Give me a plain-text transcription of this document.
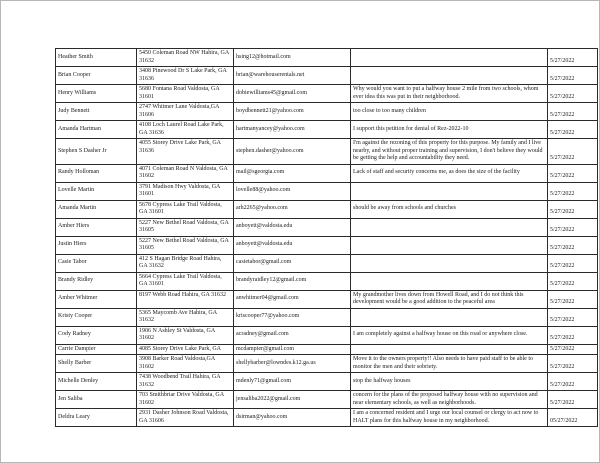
Heather Smith	5450 Coleman Road NW Hahira, GA 31632	hsing12@hotmail.com		5/27/2022
Brian Cooper	3408 Pinewood Dr S Lake Park, GA 31636	brian@warehouserentals.net		5/27/2022
Henry Williams	5680 Fontana Road Valdosta, GA 31601	dobiewilliams45@gmail.com	Why would you want to put a halfway house 2 mile from two schools, whom ever idea this was put in their neighborhood.	5/27/2022
Judy Bennett	2747 Whitmer Lane Valdosta,GA 31606	boydbennett21@yahoo.com	too close to too many children	5/27/2022
Amanda Hartman	4108 Loch Laurel Road Lake Park, GA 31636	hartmanyancey@yahoo.com	I support this petition for denial of Rez-2022-10	5/27/2022
Stephen S Dasher Jr	4055 Storey Drive Lake Park, GA 31636	stephen.dasher@yahoo.com	I'm against the rezoning of this property for this purpose. My family and I live nearby, and without proper training and supervision, I don't believe they would be getting the help and accountability they need.	5/27/2022
Randy Holloman	4071 Coleman Road N Valdosta, GA 31602	mail@sgeorgia.com	Lack of staff and security concerns me, as does the size of the facility	5/27/2022
Lovelle Martin	3791 Madison Hwy Valdosta, GA 31601	lovelle88@yahoo.com		5/27/2022
Amanda Martin	5678 Cypress Lake Trail Valdosta, GA 31601	arh2265@yahoo.com	should be away from schools and churches	5/27/2022
Amber Hiers	5227 New Bethel Road Valdosta, GA 31605	anboyett@valdosta.edu		5/27/2022
Justin Hiers	5227 New Bethel Road Valdosta, GA 31605	anboyett@valdosta.edu		5/27/2022
Casie Tabor	412 S Hagan Bridge Road Hahira, GA 31632	casietabor@gmail.com		5/27/2022
Brandy Ridley	5664 Cypress Lake Trail Valdosta, GA 31601	brandyraidley12@gmail.com		5/27/2022
Amber Whitmer	8197 Webb Road Hahira, GA 31632	anwhitmer04@gmail.com	My grandmother lives down from Howell Road, and I do not think this development would be a good addition to the peaceful area	5/27/2022
Kristy Cooper	5365 Maycomb Ave Hahira, GA 31632	kriscooper77@yahoo.com		5/27/2022
Cody Radney	1906 N Ashley St Valdosta, GA 31602	acradney@gmail.com	I am completely against a halfway house on this road or anywhere close.	5/27/2022
Carrie Dampier	4085 Storey Drive Lake Park, GA	mcdampier@gmail.com		5/27/2022
Shelly Barber	3908 Barker Road Valdosta,GA 31602	shellybarber@lowndes.k12.ga.us	Move it to the owners property!! Also needs to have paid staff to be able to monitor the men and their sobriety.	5/27/2022
Michelle Denley	7438 Woodbend Trail Hahira, GA 31632	mdenly71@gmail.com	stop the halfway houses	5/27/2022
Jen Saliba	703 Smithbriar Drive Valdosta, GA 31602	jensaliba2022@gmail.com	concern for the plans of the proposed halfway house with no supervision and near elementary schools, as well as neighborhoods.	5/27/2022
Deldra Leary	2931 Dasher Johnson Road Valdosta, GA 31606	dsirman@yahoo.com	I am a concerned resident and I urge our local counsel or clergy to act now to HALT plans for this halfway house in my neighborhood.	05/27/2022
